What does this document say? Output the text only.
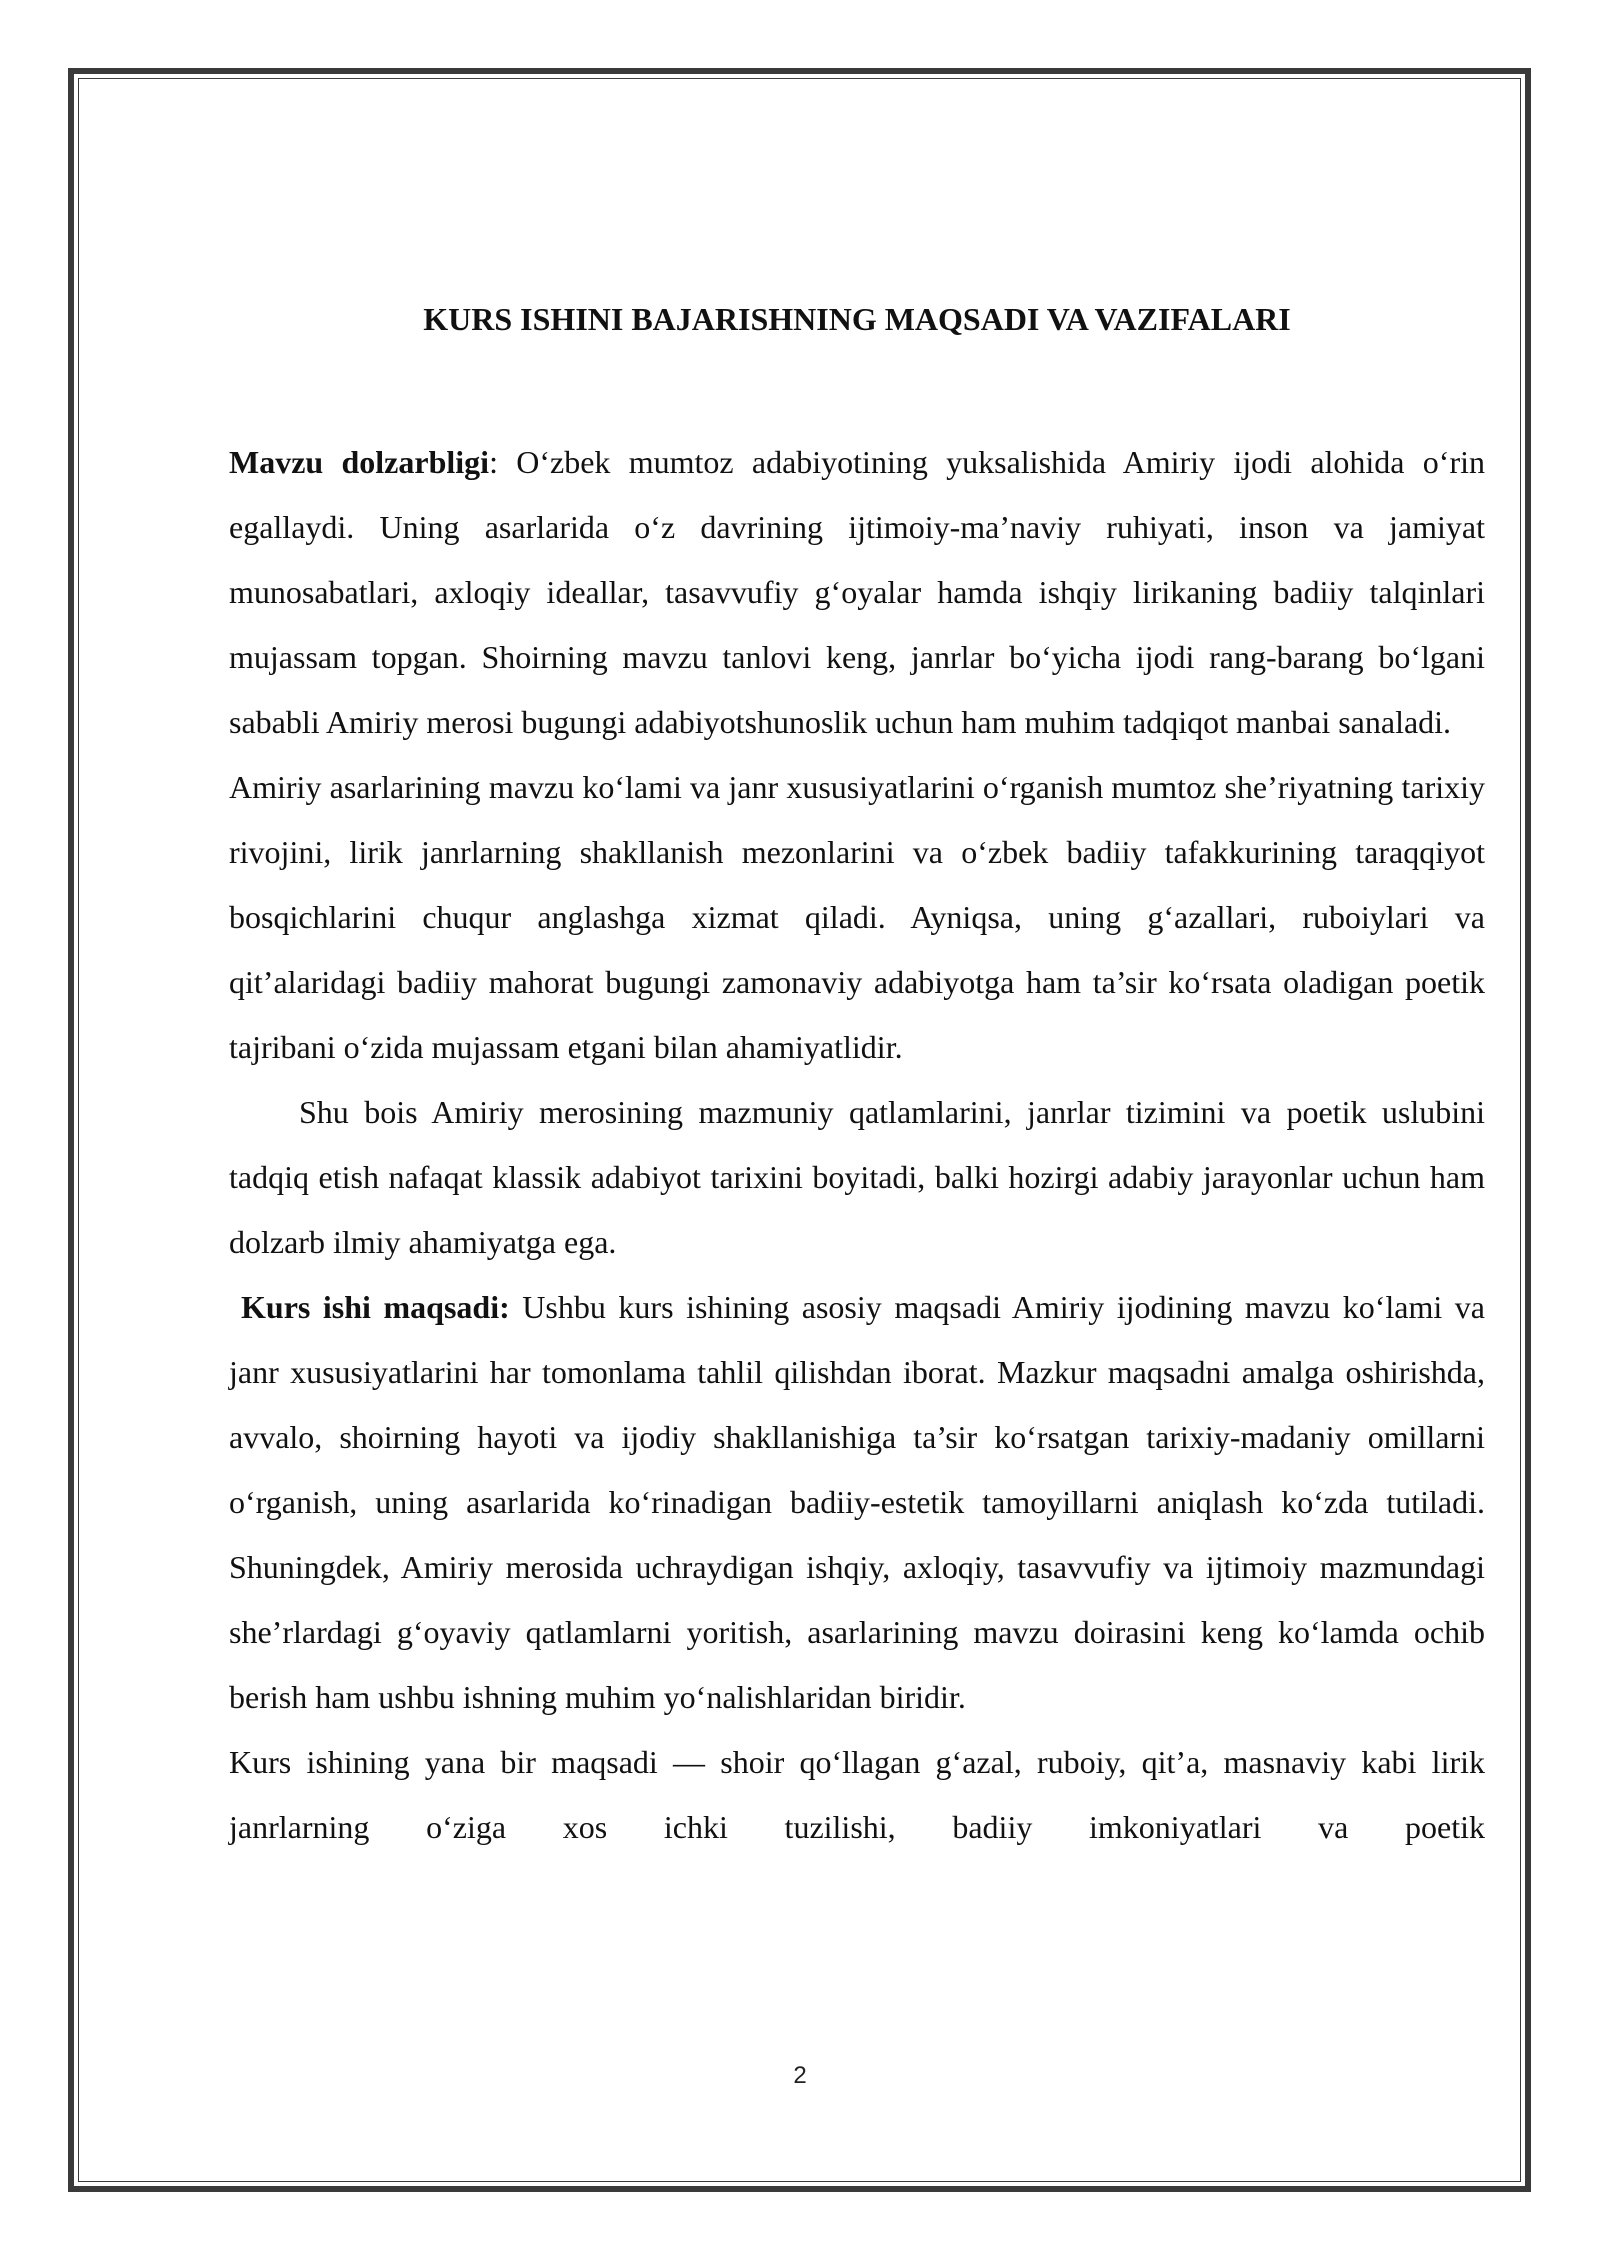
KURS ISHINI BAJARISHNING MAQSADI VA VAZIFALARI

Mavzu dolzarbligi: O‘zbek mumtoz adabiyotining yuksalishida Amiriy ijodi alohida o‘rin egallaydi. Uning asarlarida o‘z davrining ijtimoiy-ma’naviy ruhiyati, inson va jamiyat munosabatlari, axloqiy ideallar, tasavvufiy g‘oyalar hamda ishqiy lirikaning badiiy talqinlari mujassam topgan. Shoirning mavzu tanlovi keng, janrlar bo‘yicha ijodi rang-barang bo‘lgani sababli Amiriy merosi bugungi adabiyotshunoslik uchun ham muhim tadqiqot manbai sanaladi.

Amiriy asarlarining mavzu ko‘lami va janr xususiyatlarini o‘rganish mumtoz she’riyatning tarixiy rivojini, lirik janrlarning shakllanish mezonlarini va o‘zbek badiiy tafakkurining taraqqiyot bosqichlarini chuqur anglashga xizmat qiladi. Ayniqsa, uning g‘azallari, ruboiylari va qit’alaridagi badiiy mahorat bugungi zamonaviy adabiyotga ham ta’sir ko‘rsata oladigan poetik tajribani o‘zida mujassam etgani bilan ahamiyatlidir.

Shu bois Amiriy merosining mazmuniy qatlamlarini, janrlar tizimini va poetik uslubini tadqiq etish nafaqat klassik adabiyot tarixini boyitadi, balki hozirgi adabiy jarayonlar uchun ham dolzarb ilmiy ahamiyatga ega.

Kurs ishi maqsadi: Ushbu kurs ishining asosiy maqsadi Amiriy ijodining mavzu ko‘lami va janr xususiyatlarini har tomonlama tahlil qilishdan iborat. Mazkur maqsadni amalga oshirishda, avvalo, shoirning hayoti va ijodiy shakllanishiga ta’sir ko‘rsatgan tarixiy-madaniy omillarni o‘rganish, uning asarlarida ko‘rinadigan badiiy-estetik tamoyillarni aniqlash ko‘zda tutiladi. Shuningdek, Amiriy merosida uchraydigan ishqiy, axloqiy, tasavvufiy va ijtimoiy mazmundagi she’rlardagi g‘oyaviy qatlamlarni yoritish, asarlarining mavzu doirasini keng ko‘lamda ochib berish ham ushbu ishning muhim yo‘nalishlaridan biridir.

Kurs ishining yana bir maqsadi — shoir qo‘llagan g‘azal, ruboiy, qit’a, masnaviy kabi lirik janrlarning o‘ziga xos ichki tuzilishi, badiiy imkoniyatlari va poetik

2
